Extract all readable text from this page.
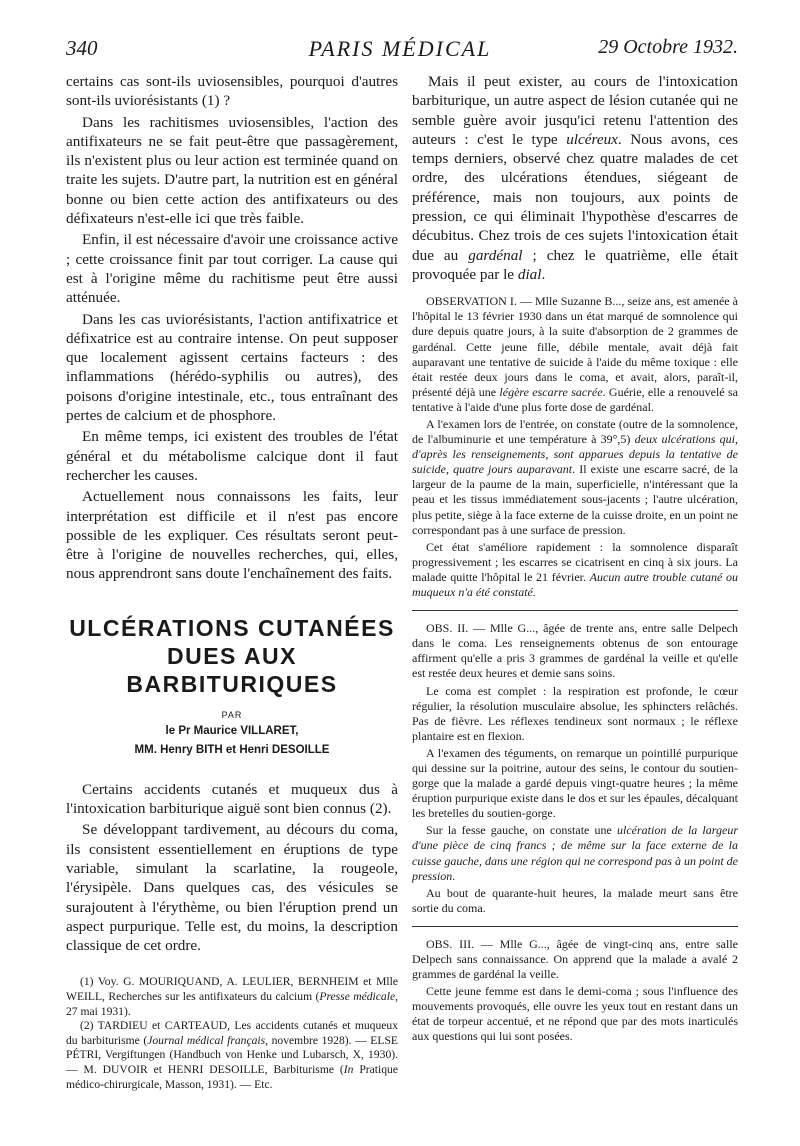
340	PARIS MÉDICAL	29 Octobre 1932.

certains cas sont-ils uviosensibles, pourquoi d'autres sont-ils uviorésistants (1) ?

Dans les rachitismes uviosensibles, l'action des antifixateurs ne se fait peut-être que passagèrement, ils n'existent plus ou leur action est terminée quand on traite les sujets. D'autre part, la nutrition est en général bonne ou bien cette action des antifixateurs ou des défixateurs n'est-elle ici que très faible.

Enfin, il est nécessaire d'avoir une croissance active ; cette croissance finit par tout corriger. La cause qui est à l'origine même du rachitisme peut être aussi atténuée.

Dans les cas uviorésistants, l'action antifixatrice et défixatrice est au contraire intense. On peut supposer que localement agissent certains facteurs : des inflammations (hérédo-syphilis ou autres), des poisons d'origine intestinale, etc., tous entraînant des pertes de calcium et de phosphore.

En même temps, ici existent des troubles de l'état général et du métabolisme calcique dont il faut rechercher les causes.

Actuellement nous connaissons les faits, leur interprétation est difficile et il n'est pas encore possible de les expliquer. Ces résultats seront peut-être à l'origine de nouvelles recherches, qui, elles, nous apprendront sans doute l'enchaînement des faits.

ULCÉRATIONS CUTANÉES
DUES AUX BARBITURIQUES
PAR
le Pr Maurice VILLARET,
MM. Henry BITH et Henri DESOILLE

Certains accidents cutanés et muqueux dus à l'intoxication barbiturique aiguë sont bien connus (2).

Se développant tardivement, au décours du coma, ils consistent essentiellement en éruptions de type variable, simulant la scarlatine, la rougeole, l'érysipèle. Dans quelques cas, des vésicules se surajoutent à l'érythème, ou bien l'éruption prend un aspect purpurique. Telle est, du moins, la description classique de cet ordre.

(1) Voy. G. MOURIQUAND, A. LEULIER, BERNHEIM et Mlle WEILL, Recherches sur les antifixateurs du calcium (Presse médicale, 27 mai 1931).

(2) TARDIEU et CARTEAUD, Les accidents cutanés et muqueux du barbiturisme (Journal médical français, novembre 1928). — ELSE PÉTRI, Vergiftungen (Handbuch von Henke und Lubarsch, X, 1930). — M. DUVOIR et HENRI DESOILLE, Barbiturisme (In Pratique médico-chirurgicale, Masson, 1931). — Etc.

Mais il peut exister, au cours de l'intoxication barbiturique, un autre aspect de lésion cutanée qui ne semble guère avoir jusqu'ici retenu l'attention des auteurs : c'est le type ulcéreux. Nous avons, ces temps derniers, observé chez quatre malades de cet ordre, des ulcérations étendues, siégeant de préférence, mais non toujours, aux points de pression, ce qui éliminait l'hypothèse d'escarres de décubitus. Chez trois de ces sujets l'intoxication était due au gardénal ; chez le quatrième, elle était provoquée par le dial.

OBSERVATION I. — Mlle Suzanne B..., seize ans, est amenée à l'hôpital le 13 février 1930 dans un état marqué de somnolence qui dure depuis quatre jours, à la suite d'absorption de 2 grammes de gardénal. Cette jeune fille, débile mentale, avait déjà fait auparavant une tentative de suicide à l'aide du même toxique : elle était restée deux jours dans le coma, et avait, alors, paraît-il, présenté déjà une légère escarre sacrée. Guérie, elle a renouvelé sa tentative à l'aide d'une plus forte dose de gardénal.

A l'examen lors de l'entrée, on constate (outre de la somnolence, de l'albuminurie et une température à 39°,5) deux ulcérations qui, d'après les renseignements, sont apparues depuis la tentative de suicide, quatre jours auparavant. Il existe une escarre sacré, de la largeur de la paume de la main, superficielle, n'intéressant que la peau et les tissus immédiatement sous-jacents ; l'autre ulcération, plus petite, siège à la face externe de la cuisse droite, en un point ne correspondant pas à une surface de pression.

Cet état s'améliore rapidement : la somnolence disparaît progressivement ; les escarres se cicatrisent en cinq à six jours. La malade quitte l'hôpital le 21 février. Aucun autre trouble cutané ou muqueux n'a été constaté.

OBS. II. — Mlle G..., âgée de trente ans, entre salle Delpech dans le coma. Les renseignements obtenus de son entourage affirment qu'elle a pris 3 grammes de gardénal la veille et qu'elle est restée deux heures et demie sans soins.

Le coma est complet : la respiration est profonde, le cœur régulier, la résolution musculaire absolue, les sphincters relâchés. Pas de fièvre. Les réflexes tendineux sont normaux ; le réflexe plantaire est en flexion.

A l'examen des téguments, on remarque un pointillé purpurique qui dessine sur la poitrine, autour des seins, le contour du soutien-gorge que la malade a gardé depuis vingt-quatre heures ; la même éruption purpurique existe dans le dos et sur les épaules, décalquant les bretelles du soutien-gorge.

Sur la fesse gauche, on constate une ulcération de la largeur d'une pièce de cinq francs ; de même sur la face externe de la cuisse gauche, dans une région qui ne correspond pas à un point de pression.

Au bout de quarante-huit heures, la malade meurt sans être sortie du coma.

OBS. III. — Mlle G..., âgée de vingt-cinq ans, entre salle Delpech sans connaissance. On apprend que la malade a avalé 2 grammes de gardénal la veille.

Cette jeune femme est dans le demi-coma ; sous l'influence des mouvements provoqués, elle ouvre les yeux tout en restant dans un état de torpeur accentué, et ne répond que par des mots inarticulés aux questions qui lui sont posées.
